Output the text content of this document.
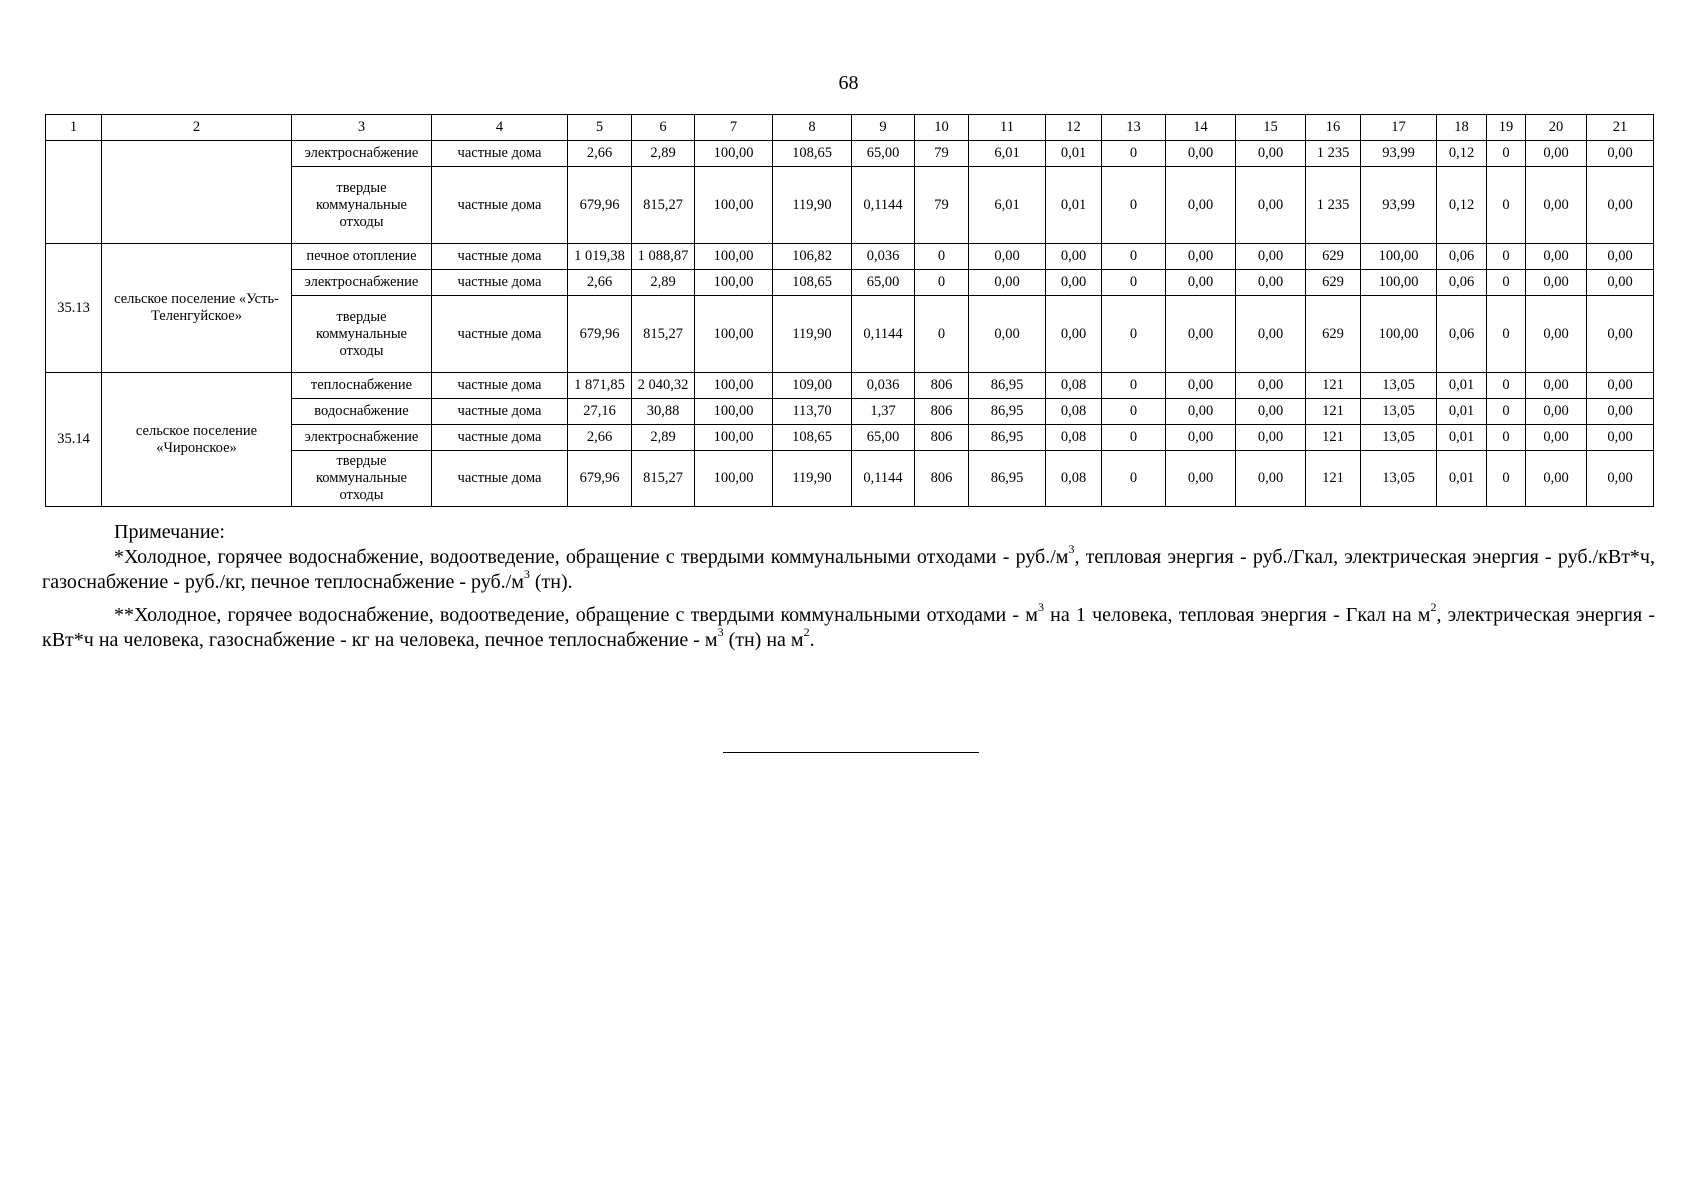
68
1	2	3	4	5	6	7	8	9	10	11	12	13	14	15	16	17	18	19	20	21
		электроснабжение	частные дома	2,66	2,89	100,00	108,65	65,00	79	6,01	0,01	0	0,00	0,00	1 235	93,99	0,12	0	0,00	0,00
		твердые коммунальные отходы	частные дома	679,96	815,27	100,00	119,90	0,1144	79	6,01	0,01	0	0,00	0,00	1 235	93,99	0,12	0	0,00	0,00
35.13	сельское поселение «Усть-Теленгуйское»	печное отопление	частные дома	1 019,38	1 088,87	100,00	106,82	0,036	0	0,00	0,00	0	0,00	0,00	629	100,00	0,06	0	0,00	0,00
		электроснабжение	частные дома	2,66	2,89	100,00	108,65	65,00	0	0,00	0,00	0	0,00	0,00	629	100,00	0,06	0	0,00	0,00
		твердые коммунальные отходы	частные дома	679,96	815,27	100,00	119,90	0,1144	0	0,00	0,00	0	0,00	0,00	629	100,00	0,06	0	0,00	0,00
35.14	сельское поселение «Чиронское»	теплоснабжение	частные дома	1 871,85	2 040,32	100,00	109,00	0,036	806	86,95	0,08	0	0,00	0,00	121	13,05	0,01	0	0,00	0,00
		водоснабжение	частные дома	27,16	30,88	100,00	113,70	1,37	806	86,95	0,08	0	0,00	0,00	121	13,05	0,01	0	0,00	0,00
		электроснабжение	частные дома	2,66	2,89	100,00	108,65	65,00	806	86,95	0,08	0	0,00	0,00	121	13,05	0,01	0	0,00	0,00
		твердые коммунальные отходы	частные дома	679,96	815,27	100,00	119,90	0,1144	806	86,95	0,08	0	0,00	0,00	121	13,05	0,01	0	0,00	0,00

Примечание:

*Холодное, горячее водоснабжение, водоотведение, обращение с твердыми коммунальными отходами - $руб./м^3$, тепловая энергия - руб./Гкал, электрическая энергия - руб./кВт*ч, газоснабжение - руб./кг, печное теплоснабжение - $руб./м^3$ (тн).

**Холодное, горячее водоснабжение, водоотведение, обращение с твердыми коммунальными отходами - $м^3$ на 1 человека, тепловая энергия - Гкал на $м^2$, электрическая энергия - кВт*ч на человека, газоснабжение - кг на человека, печное теплоснабжение - $м^3$ (тн) на $м^2$.
